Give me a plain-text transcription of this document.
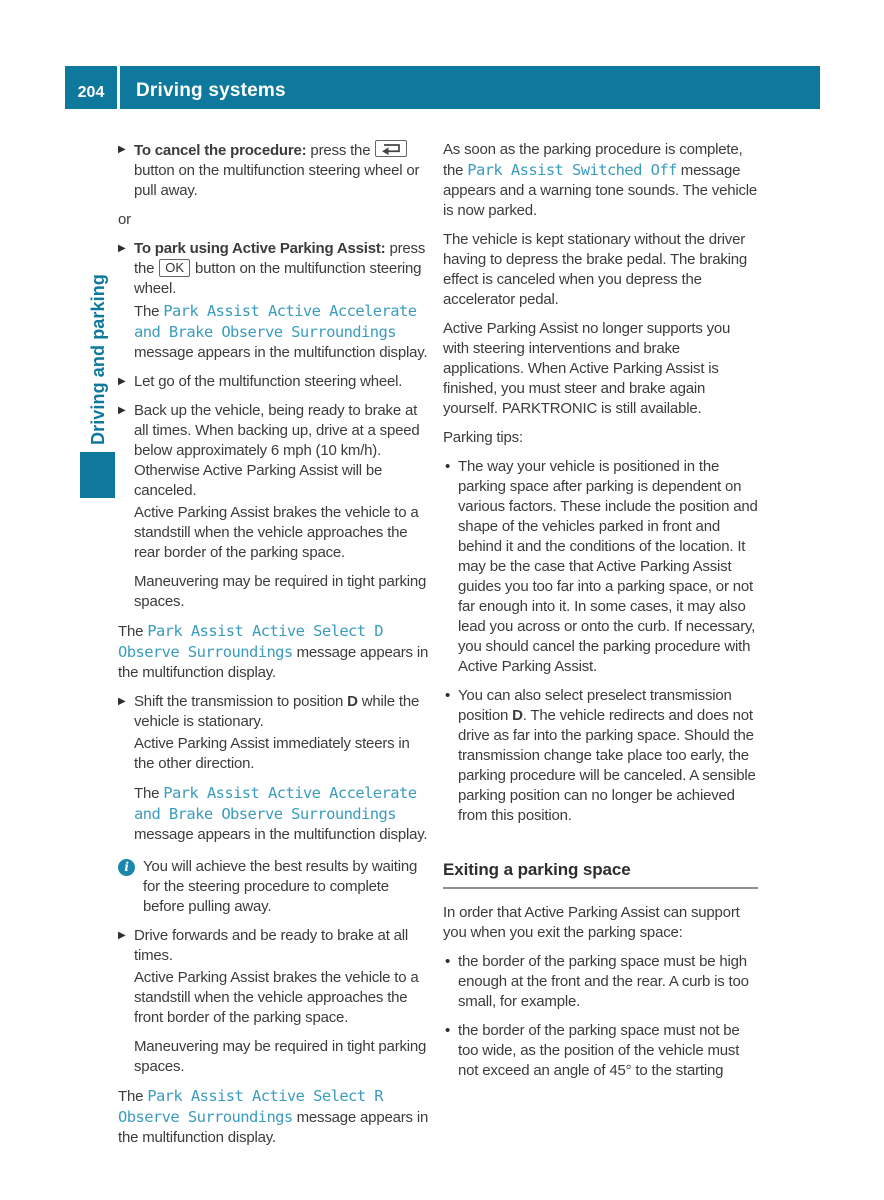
204	Driving systems
Driving and parking
▶ To cancel the procedure: press the
button on the multifunction steering wheel or pull away.
or
▶ To park using Active Parking Assist: press the OK button on the multifunction steering wheel.
The Park Assist Active Accelerate and Brake Observe Surroundings message appears in the multifunction display.
▶ Let go of the multifunction steering wheel.
▶ Back up the vehicle, being ready to brake at all times. When backing up, drive at a speed below approximately 6 mph (10 km/h). Otherwise Active Parking Assist will be canceled.
Active Parking Assist brakes the vehicle to a standstill when the vehicle approaches the rear border of the parking space.
Maneuvering may be required in tight parking spaces.
The Park Assist Active Select D Observe Surroundings message appears in the multifunction display.
▶ Shift the transmission to position D while the vehicle is stationary.
Active Parking Assist immediately steers in the other direction.
The Park Assist Active Accelerate and Brake Observe Surroundings message appears in the multifunction display.
i You will achieve the best results by waiting for the steering procedure to complete before pulling away.
▶ Drive forwards and be ready to brake at all times.
Active Parking Assist brakes the vehicle to a standstill when the vehicle approaches the front border of the parking space.
Maneuvering may be required in tight parking spaces.
The Park Assist Active Select R Observe Surroundings message appears in the multifunction display.
As soon as the parking procedure is complete, the Park Assist Switched Off message appears and a warning tone sounds. The vehicle is now parked.
The vehicle is kept stationary without the driver having to depress the brake pedal. The braking effect is canceled when you depress the accelerator pedal.
Active Parking Assist no longer supports you with steering interventions and brake applications. When Active Parking Assist is finished, you must steer and brake again yourself. PARKTRONIC is still available.
Parking tips:
• The way your vehicle is positioned in the parking space after parking is dependent on various factors. These include the position and shape of the vehicles parked in front and behind it and the conditions of the location. It may be the case that Active Parking Assist guides you too far into a parking space, or not far enough into it. In some cases, it may also lead you across or onto the curb. If necessary, you should cancel the parking procedure with Active Parking Assist.
• You can also select preselect transmission position D. The vehicle redirects and does not drive as far into the parking space. Should the transmission change take place too early, the parking procedure will be canceled. A sensible parking position can no longer be achieved from this position.
Exiting a parking space
In order that Active Parking Assist can support you when you exit the parking space:
• the border of the parking space must be high enough at the front and the rear. A curb is too small, for example.
• the border of the parking space must not be too wide, as the position of the vehicle must not exceed an angle of 45° to the starting
